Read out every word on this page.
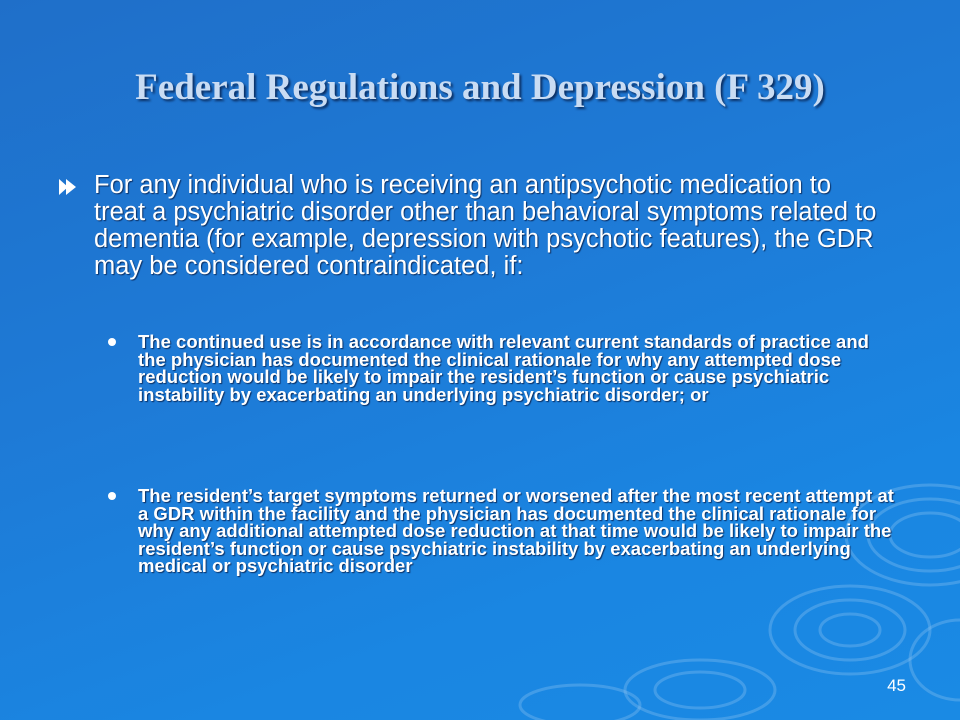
Federal Regulations and Depression (F 329)
For any individual who is receiving an antipsychotic medication to treat a psychiatric disorder other than behavioral symptoms related to dementia (for example, depression with psychotic features), the GDR may be considered contraindicated, if:
The continued use is in accordance with relevant current standards of practice and the physician has documented the clinical rationale for why any attempted dose reduction would be likely to impair the resident’s function or cause psychiatric instability by exacerbating an underlying psychiatric disorder; or
The resident’s target symptoms returned or worsened after the most recent attempt at a GDR within the facility and the physician has documented the clinical rationale for why any additional attempted dose reduction at that time would be likely to impair the resident’s function or cause psychiatric instability by exacerbating an underlying medical or psychiatric disorder
45
